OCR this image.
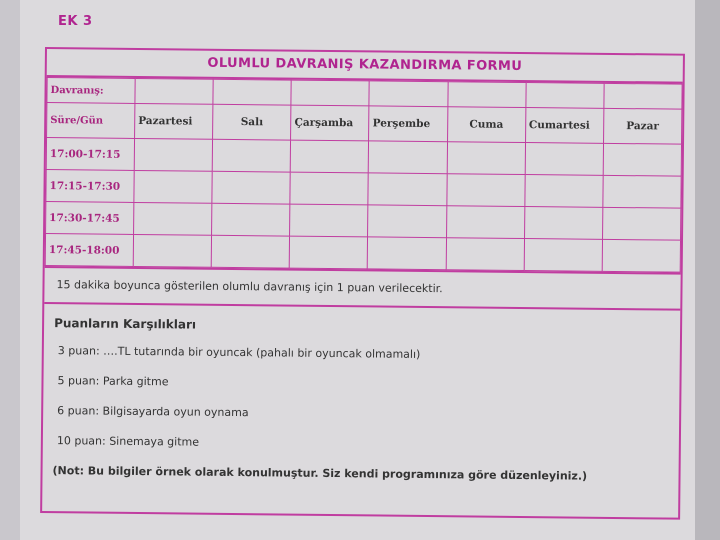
EK 3
OLUMLU DAVRANIŞ KAZANDIRMA FORMU
Davranış:							
Süre/Gün	Pazartesi	Salı	Çarşamba	Perşembe	Cuma	Cumartesi	Pazar
17:00-17:15							
17:15-17:30							
17:30-17:45							
17:45-18:00							
15 dakika boyunca gösterilen olumlu davranış için 1 puan verilecektir.
Puanların Karşılıkları
3 puan: ….TL tutarında bir oyuncak (pahalı bir oyuncak olmamalı)
5 puan: Parka gitme
6 puan: Bilgisayarda oyun oynama
10 puan: Sinemaya gitme
(Not: Bu bilgiler örnek olarak konulmuştur. Siz kendi programınıza göre düzenleyiniz.)
